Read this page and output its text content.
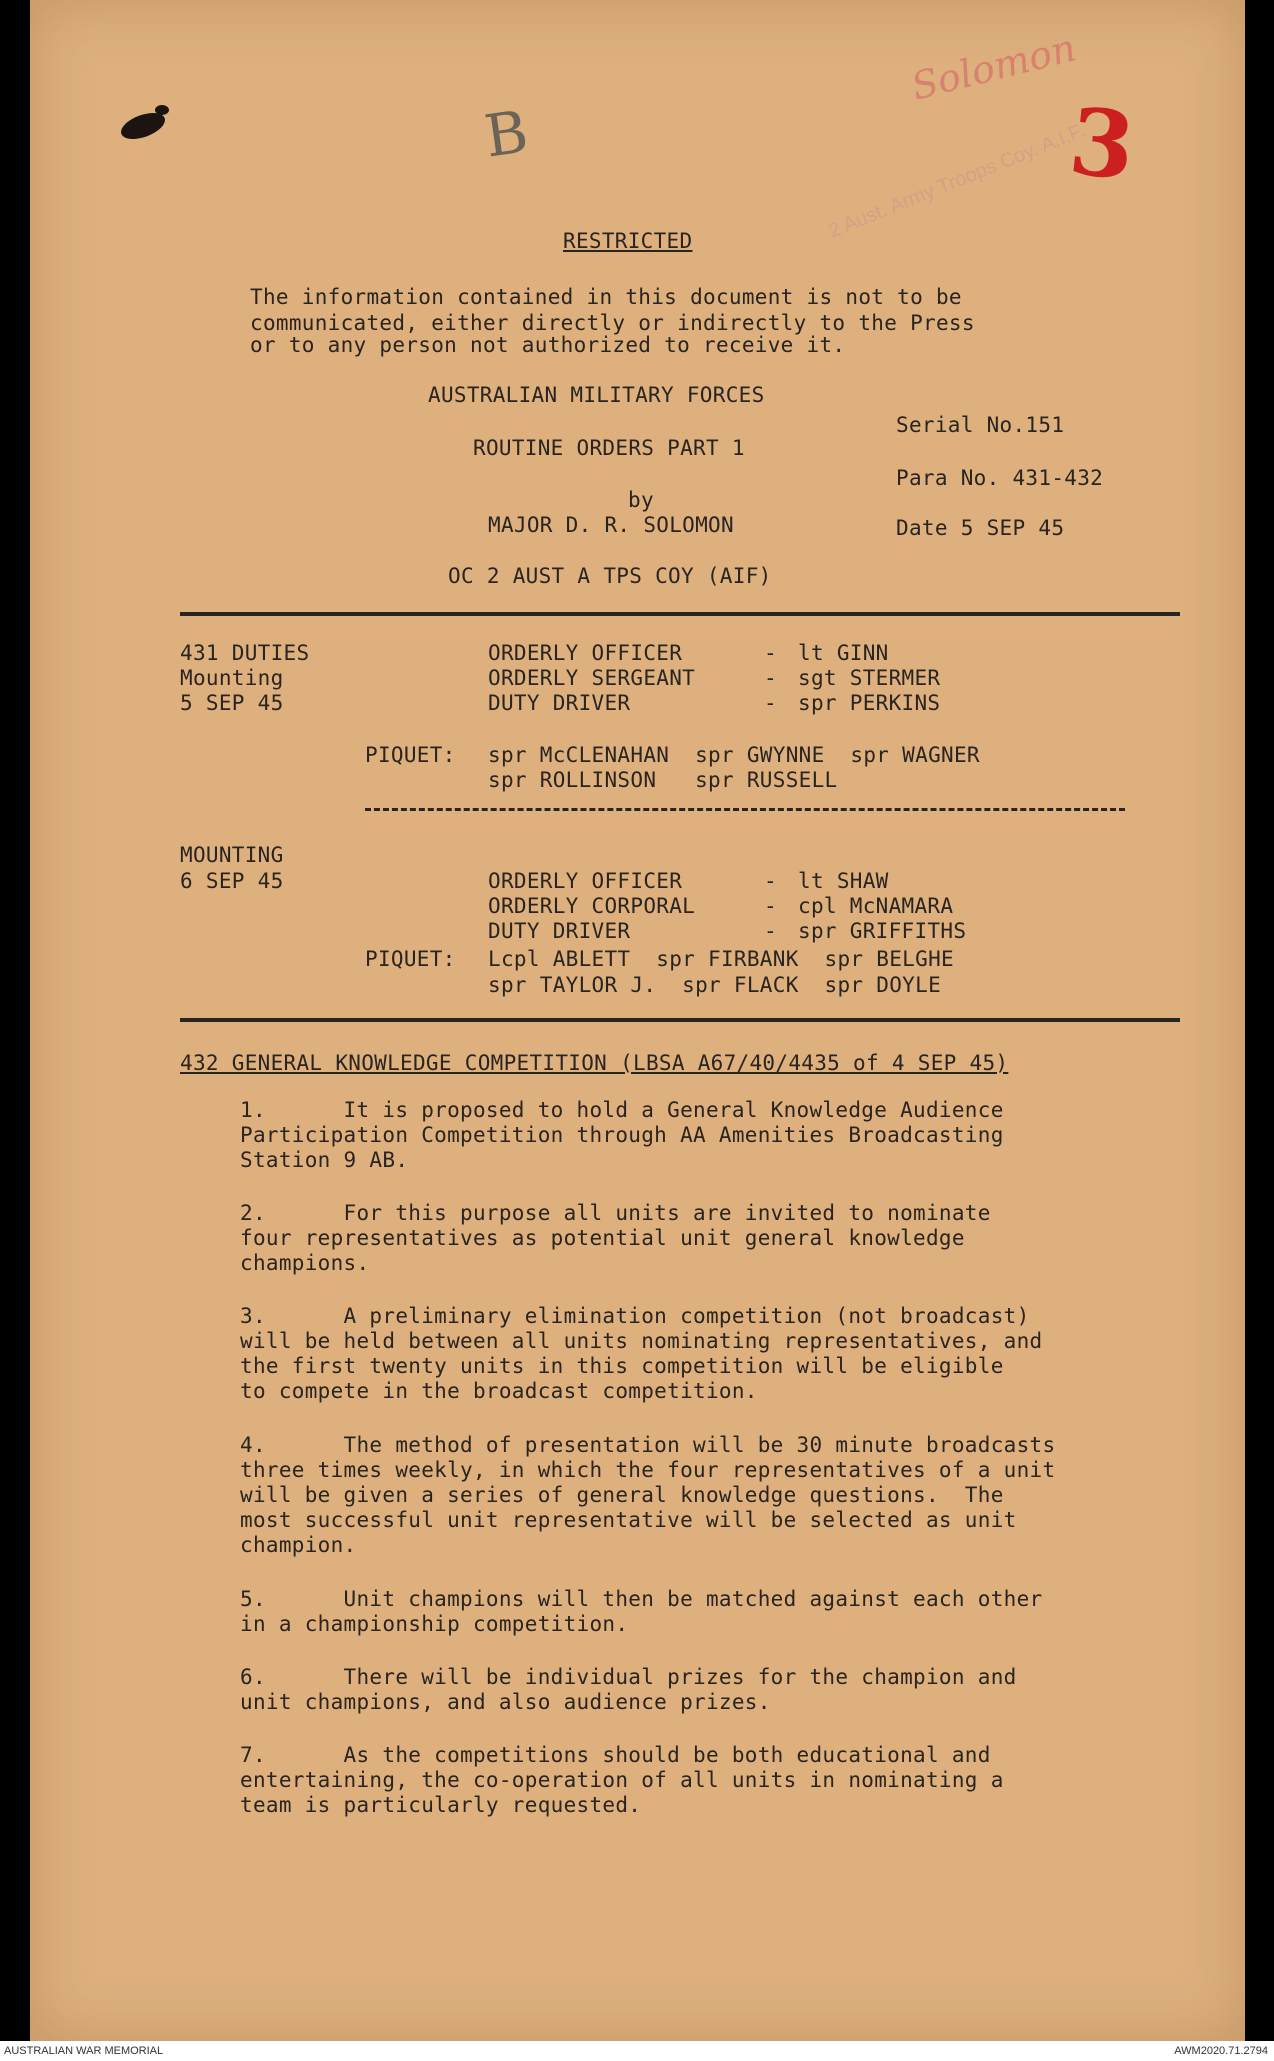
B
Solomon
2 Aust. Army Troops Coy. A.I.F.
3
RESTRICTED
The information contained in this document is not to be
communicated, either directly or indirectly to the Press
or to any person not authorized to receive it.
AUSTRALIAN MILITARY FORCES
ROUTINE ORDERS PART 1
by
MAJOR D. R. SOLOMON
OC 2 AUST A TPS COY (AIF)
Serial No.151
Para No. 431-432
Date 5 SEP 45
431 DUTIES
Mounting
5 SEP 45
ORDERLY OFFICER	- lt GINN
ORDERLY SERGEANT	- sgt STERMER
DUTY DRIVER	- spr PERKINS
PIQUET: spr McCLENAHAN  spr GWYNNE  spr WAGNER
spr ROLLINSON   spr RUSSELL
MOUNTING
6 SEP 45	ORDERLY OFFICER	- lt SHAW
ORDERLY CORPORAL	- cpl McNAMARA
DUTY DRIVER	- spr GRIFFITHS
PIQUET: Lcpl ABLETT  spr FIRBANK  spr BELGHE
spr TAYLOR J.  spr FLACK  spr DOYLE
432 GENERAL KNOWLEDGE COMPETITION (LBSA A67/40/4435 of 4 SEP 45)
1.      It is proposed to hold a General Knowledge Audience
Participation Competition through AA Amenities Broadcasting
Station 9 AB.
2.      For this purpose all units are invited to nominate
four representatives as potential unit general knowledge
champions.
3.      A preliminary elimination competition (not broadcast)
will be held between all units nominating representatives, and
the first twenty units in this competition will be eligible
to compete in the broadcast competition.
4.      The method of presentation will be 30 minute broadcasts
three times weekly, in which the four representatives of a unit
will be given a series of general knowledge questions.  The
most successful unit representative will be selected as unit
champion.
5.      Unit champions will then be matched against each other
in a championship competition.
6.      There will be individual prizes for the champion and
unit champions, and also audience prizes.
7.      As the competitions should be both educational and
entertaining, the co-operation of all units in nominating a
team is particularly requested.
AUSTRALIAN WAR MEMORIAL	AWM2020.71.2794
